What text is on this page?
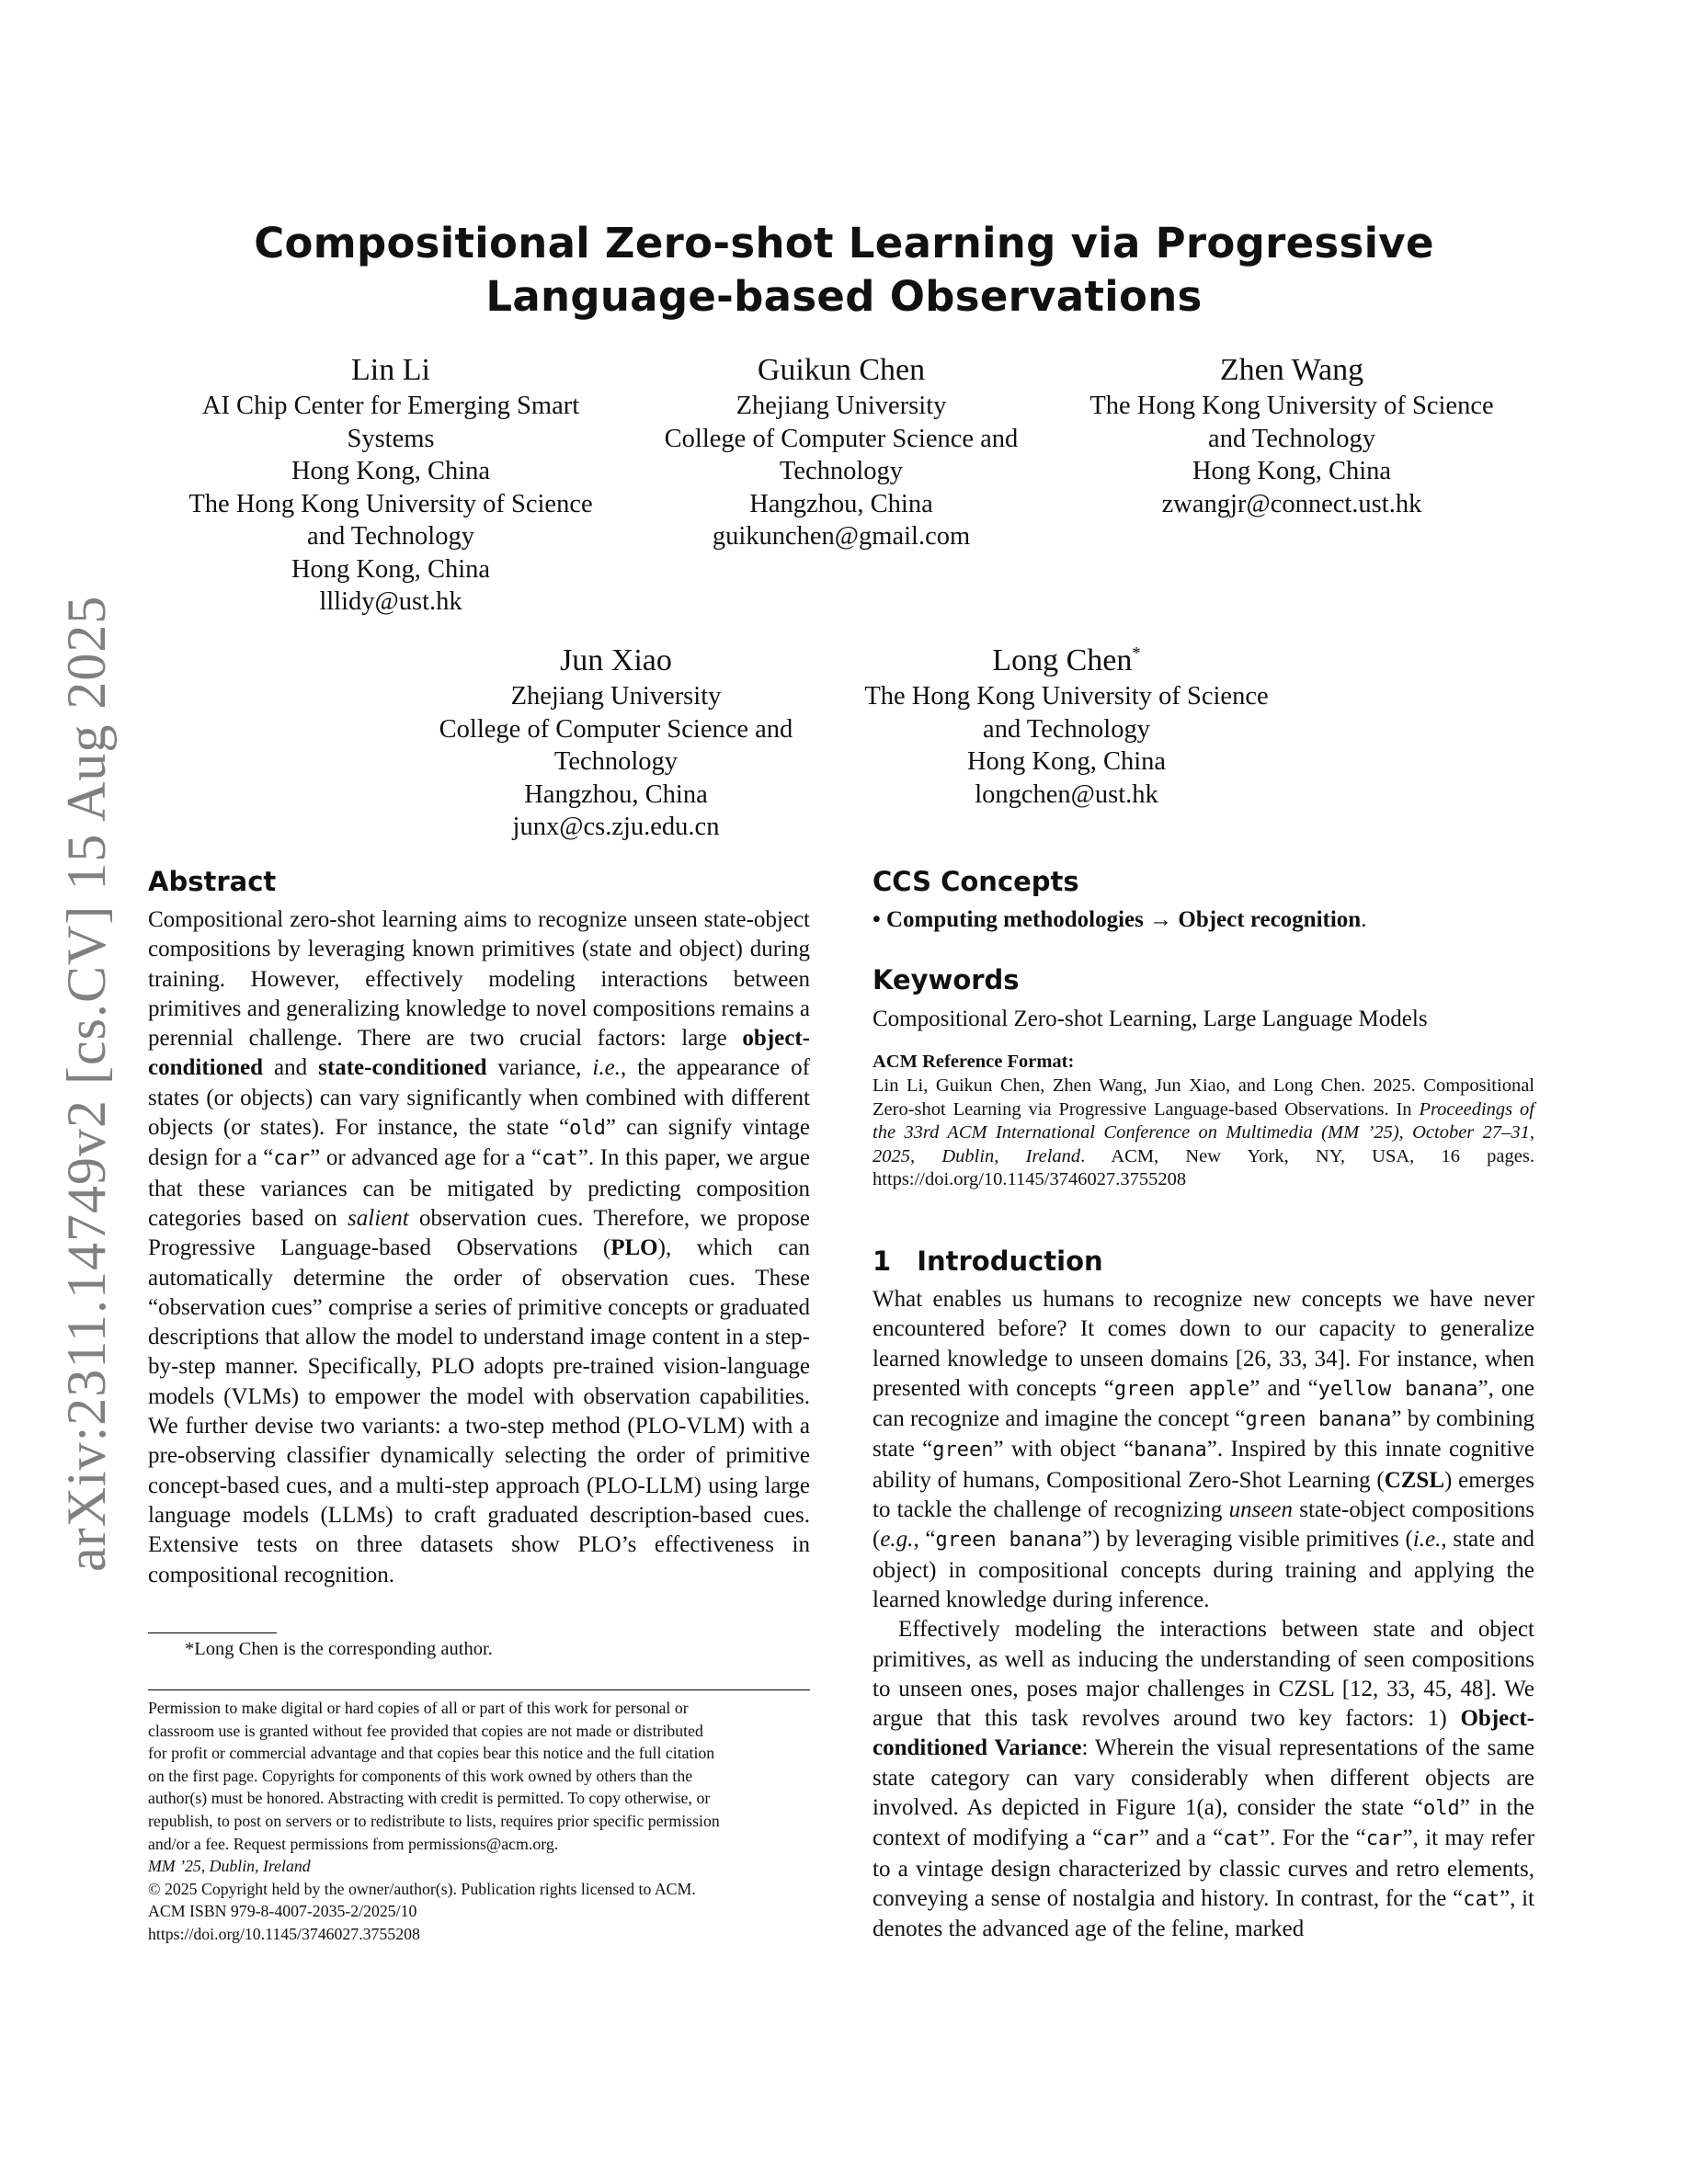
arXiv:2311.14749v2 [cs.CV] 15 Aug 2025
Compositional Zero-shot Learning via Progressive
Language-based Observations
Lin Li
AI Chip Center for Emerging Smart
Systems
Hong Kong, China
The Hong Kong University of Science
and Technology
Hong Kong, China
lllidy@ust.hk
Guikun Chen
Zhejiang University
College of Computer Science and
Technology
Hangzhou, China
guikunchen@gmail.com
Zhen Wang
The Hong Kong University of Science
and Technology
Hong Kong, China
zwangjr@connect.ust.hk
Jun Xiao
Zhejiang University
College of Computer Science and
Technology
Hangzhou, China
junx@cs.zju.edu.cn
Long Chen*
The Hong Kong University of Science
and Technology
Hong Kong, China
longchen@ust.hk
Abstract

Compositional zero-shot learning aims to recognize unseen state-object compositions by leveraging known primitives (state and object) during training. However, effectively modeling interactions between primitives and generalizing knowledge to novel compositions remains a perennial challenge. There are two crucial factors: large object-conditioned and state-conditioned variance, i.e., the appearance of states (or objects) can vary significantly when combined with different objects (or states). For instance, the state “old” can signify vintage design for a “car” or advanced age for a “cat”. In this paper, we argue that these variances can be mitigated by predicting composition categories based on salient observation cues. Therefore, we propose Progressive Language-based Observations (PLO), which can automatically determine the order of observation cues. These “observation cues” comprise a series of primitive concepts or graduated descriptions that allow the model to understand image content in a step-by-step manner. Specifically, PLO adopts pre-trained vision-language models (VLMs) to empower the model with observation capabilities. We further devise two variants: a two-step method (PLO-VLM) with a pre-observing classifier dynamically selecting the order of primitive concept-based cues, and a multi-step approach (PLO-LLM) using large language models (LLMs) to craft graduated description-based cues. Extensive tests on three datasets show PLO’s effectiveness in compositional recognition.

*Long Chen is the corresponding author.
Permission to make digital or hard copies of all or part of this work for personal or
classroom use is granted without fee provided that copies are not made or distributed
for profit or commercial advantage and that copies bear this notice and the full citation
on the first page. Copyrights for components of this work owned by others than the
author(s) must be honored. Abstracting with credit is permitted. To copy otherwise, or
republish, to post on servers or to redistribute to lists, requires prior specific permission
and/or a fee. Request permissions from permissions@acm.org.
MM ’25, Dublin, Ireland
© 2025 Copyright held by the owner/author(s). Publication rights licensed to ACM.
ACM ISBN 979-8-4007-2035-2/2025/10
https://doi.org/10.1145/3746027.3755208
CCS Concepts
• Computing methodologies → Object recognition.
Keywords
Compositional Zero-shot Learning, Large Language Models
ACM Reference Format:
Lin Li, Guikun Chen, Zhen Wang, Jun Xiao, and Long Chen. 2025. Compositional Zero-shot Learning via Progressive Language-based Observations. In Proceedings of the 33rd ACM International Conference on Multimedia (MM ’25), October 27–31, 2025, Dublin, Ireland. ACM, New York, NY, USA, 16 pages. https://doi.org/10.1145/3746027.3755208
1 Introduction

What enables us humans to recognize new concepts we have never encountered before? It comes down to our capacity to generalize learned knowledge to unseen domains [26, 33, 34]. For instance, when presented with concepts “green apple” and “yellow banana”, one can recognize and imagine the concept “green banana” by combining state “green” with object “banana”. Inspired by this innate cognitive ability of humans, Compositional Zero-Shot Learning (CZSL) emerges to tackle the challenge of recognizing unseen state-object compositions (e.g., “green banana”) by leveraging visible primitives (i.e., state and object) in compositional concepts during training and applying the learned knowledge during inference.

Effectively modeling the interactions between state and object primitives, as well as inducing the understanding of seen compositions to unseen ones, poses major challenges in CZSL [12, 33, 45, 48]. We argue that this task revolves around two key factors: 1) Object-conditioned Variance: Wherein the visual representations of the same state category can vary considerably when different objects are involved. As depicted in Figure 1(a), consider the state “old” in the context of modifying a “car” and a “cat”. For the “car”, it may refer to a vintage design characterized by classic curves and retro elements, conveying a sense of nostalgia and history. In contrast, for the “cat”, it denotes the advanced age of the feline, marked
